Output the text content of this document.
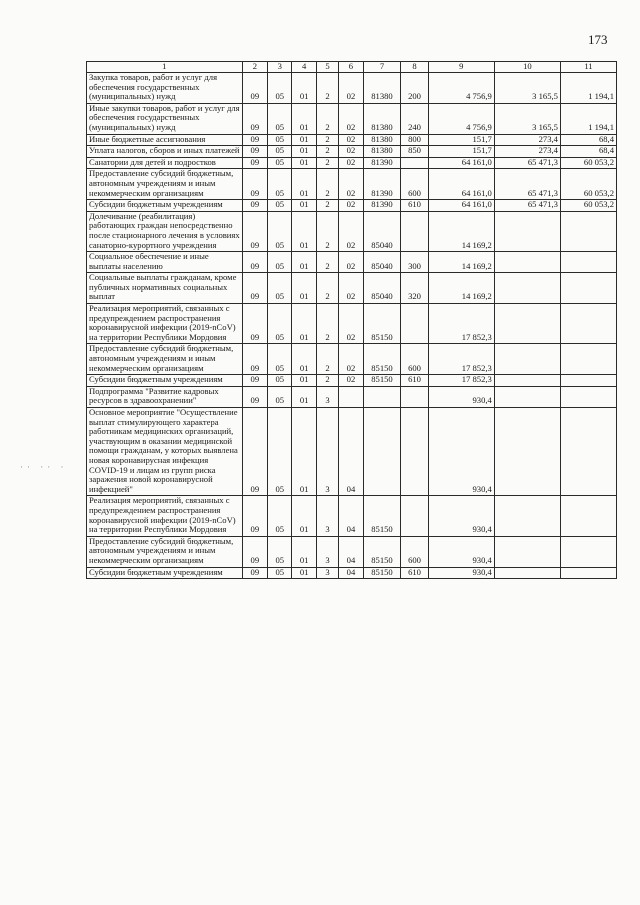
173
1	2	3	4	5	6	7	8	9	10	11
Закупка товаров, работ и услуг для обеспечения государственных (муниципальных) нужд	09	05	01	2	02	81380	200	4 756,9	3 165,5	1 194,1
Иные закупки товаров, работ и услуг для обеспечения государственных (муниципальных) нужд	09	05	01	2	02	81380	240	4 756,9	3 165,5	1 194,1
Иные бюджетные ассигнования	09	05	01	2	02	81380	800	151,7	273,4	68,4
Уплата налогов, сборов и иных платежей	09	05	01	2	02	81380	850	151,7	273,4	68,4
Санатории для детей и подростков	09	05	01	2	02	81390		64 161,0	65 471,3	60 053,2
Предоставление субсидий бюджетным, автономным учреждениям и иным некоммерческим организациям	09	05	01	2	02	81390	600	64 161,0	65 471,3	60 053,2
Субсидии бюджетным учреждениям	09	05	01	2	02	81390	610	64 161,0	65 471,3	60 053,2
Долечивание (реабилитация) работающих граждан непосредственно после стационарного лечения в условиях санаторно-курортного учреждения	09	05	01	2	02	85040		14 169,2		
Социальное обеспечение и иные выплаты населению	09	05	01	2	02	85040	300	14 169,2		
Социальные выплаты гражданам, кроме публичных нормативных социальных выплат	09	05	01	2	02	85040	320	14 169,2		
Реализация мероприятий, связанных с предупреждением распространения коронавирусной инфекции (2019-nCoV) на территории Республики Мордовия	09	05	01	2	02	85150		17 852,3		
Предоставление субсидий бюджетным, автономным учреждениям и иным некоммерческим организациям	09	05	01	2	02	85150	600	17 852,3		
Субсидии бюджетным учреждениям	09	05	01	2	02	85150	610	17 852,3		
Подпрограмма "Развитие кадровых ресурсов в здравоохранении"	09	05	01	3				930,4		
Основное мероприятие "Осуществление выплат стимулирующего характера работникам медицинских организаций, участвующим в оказании медицинской помощи гражданам, у которых выявлена новая коронавирусная инфекция COVID-19 и лицам из групп риска заражения новой коронавирусной инфекцией"	09	05	01	3	04			930,4		
Реализация мероприятий, связанных с предупреждением распространения коронавирусной инфекции (2019-nCoV) на территории Республики Мордовия	09	05	01	3	04	85150		930,4		
Предоставление субсидий бюджетным, автономным учреждениям и иным некоммерческим организациям	09	05	01	3	04	85150	600	930,4		
Субсидии бюджетным учреждениям	09	05	01	3	04	85150	610	930,4		
·· ·· ·
